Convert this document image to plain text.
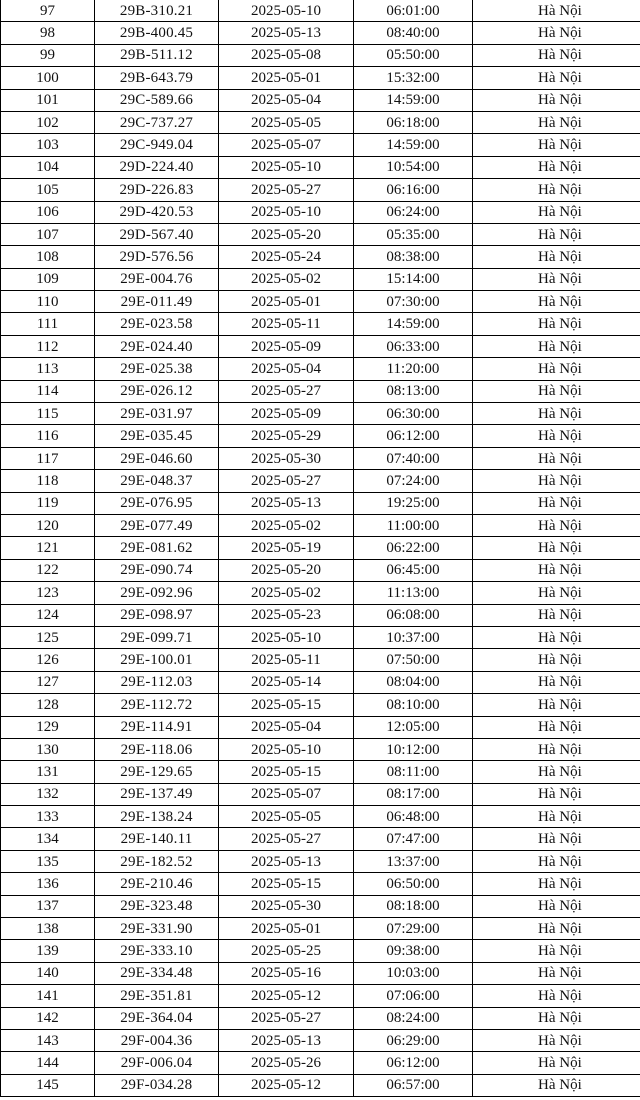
97	29B-310.21	2025-05-10	06:01:00	Hà Nội
98	29B-400.45	2025-05-13	08:40:00	Hà Nội
99	29B-511.12	2025-05-08	05:50:00	Hà Nội
100	29B-643.79	2025-05-01	15:32:00	Hà Nội
101	29C-589.66	2025-05-04	14:59:00	Hà Nội
102	29C-737.27	2025-05-05	06:18:00	Hà Nội
103	29C-949.04	2025-05-07	14:59:00	Hà Nội
104	29D-224.40	2025-05-10	10:54:00	Hà Nội
105	29D-226.83	2025-05-27	06:16:00	Hà Nội
106	29D-420.53	2025-05-10	06:24:00	Hà Nội
107	29D-567.40	2025-05-20	05:35:00	Hà Nội
108	29D-576.56	2025-05-24	08:38:00	Hà Nội
109	29E-004.76	2025-05-02	15:14:00	Hà Nội
110	29E-011.49	2025-05-01	07:30:00	Hà Nội
111	29E-023.58	2025-05-11	14:59:00	Hà Nội
112	29E-024.40	2025-05-09	06:33:00	Hà Nội
113	29E-025.38	2025-05-04	11:20:00	Hà Nội
114	29E-026.12	2025-05-27	08:13:00	Hà Nội
115	29E-031.97	2025-05-09	06:30:00	Hà Nội
116	29E-035.45	2025-05-29	06:12:00	Hà Nội
117	29E-046.60	2025-05-30	07:40:00	Hà Nội
118	29E-048.37	2025-05-27	07:24:00	Hà Nội
119	29E-076.95	2025-05-13	19:25:00	Hà Nội
120	29E-077.49	2025-05-02	11:00:00	Hà Nội
121	29E-081.62	2025-05-19	06:22:00	Hà Nội
122	29E-090.74	2025-05-20	06:45:00	Hà Nội
123	29E-092.96	2025-05-02	11:13:00	Hà Nội
124	29E-098.97	2025-05-23	06:08:00	Hà Nội
125	29E-099.71	2025-05-10	10:37:00	Hà Nội
126	29E-100.01	2025-05-11	07:50:00	Hà Nội
127	29E-112.03	2025-05-14	08:04:00	Hà Nội
128	29E-112.72	2025-05-15	08:10:00	Hà Nội
129	29E-114.91	2025-05-04	12:05:00	Hà Nội
130	29E-118.06	2025-05-10	10:12:00	Hà Nội
131	29E-129.65	2025-05-15	08:11:00	Hà Nội
132	29E-137.49	2025-05-07	08:17:00	Hà Nội
133	29E-138.24	2025-05-05	06:48:00	Hà Nội
134	29E-140.11	2025-05-27	07:47:00	Hà Nội
135	29E-182.52	2025-05-13	13:37:00	Hà Nội
136	29E-210.46	2025-05-15	06:50:00	Hà Nội
137	29E-323.48	2025-05-30	08:18:00	Hà Nội
138	29E-331.90	2025-05-01	07:29:00	Hà Nội
139	29E-333.10	2025-05-25	09:38:00	Hà Nội
140	29E-334.48	2025-05-16	10:03:00	Hà Nội
141	29E-351.81	2025-05-12	07:06:00	Hà Nội
142	29E-364.04	2025-05-27	08:24:00	Hà Nội
143	29F-004.36	2025-05-13	06:29:00	Hà Nội
144	29F-006.04	2025-05-26	06:12:00	Hà Nội
145	29F-034.28	2025-05-12	06:57:00	Hà Nội
